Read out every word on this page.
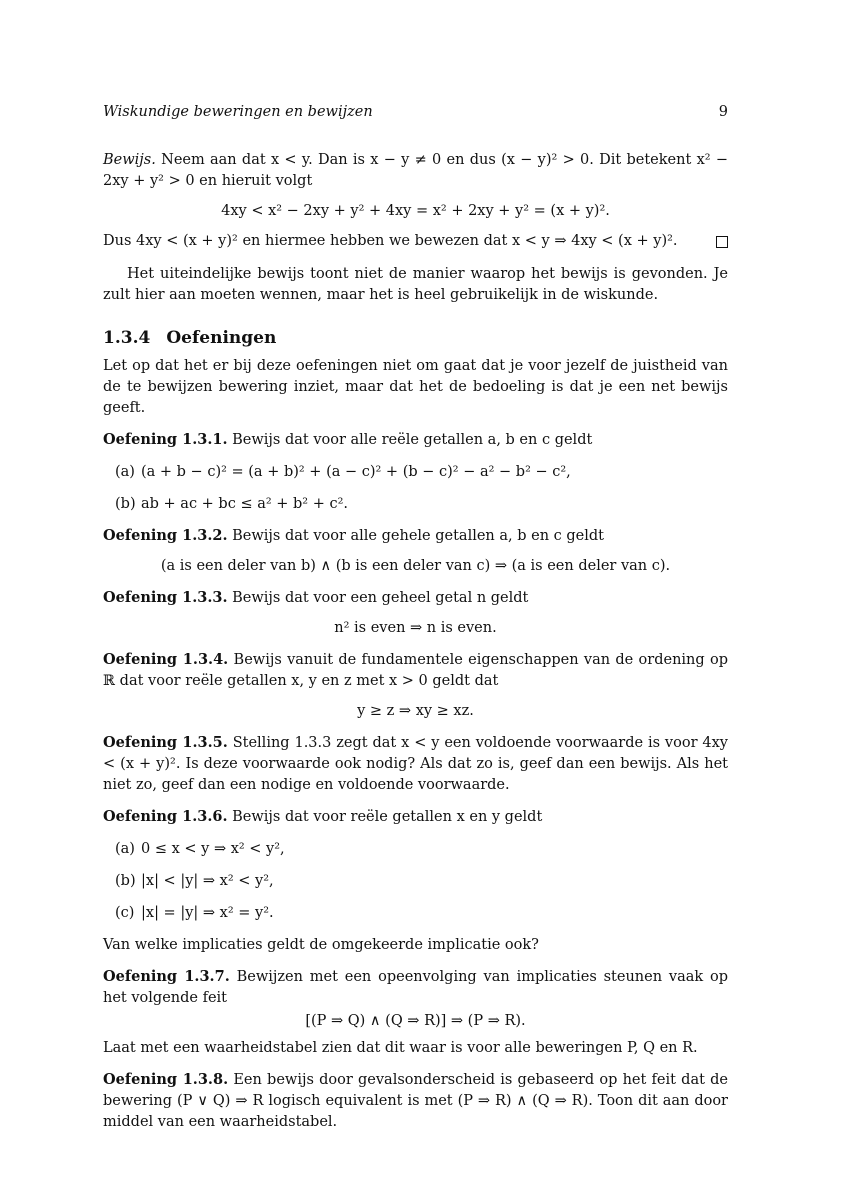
Wiskundige beweringen en bewijzen	9

Bewijs. Neem aan dat x < y. Dan is x − y ≠ 0 en dus (x − y)² > 0. Dit betekent x² − 2xy + y² > 0 en hieruit volgt

4xy < x² − 2xy + y² + 4xy = x² + 2xy + y² = (x + y)².

Dus 4xy < (x + y)² en hiermee hebben we bewezen dat x < y ⇒ 4xy < (x + y)².

Het uiteindelijke bewijs toont niet de manier waarop het bewijs is gevonden. Je zult hier aan moeten wennen, maar het is heel gebruikelijk in de wiskunde.

1.3.4 Oefeningen

Let op dat het er bij deze oefeningen niet om gaat dat je voor jezelf de juistheid van de te bewijzen bewering inziet, maar dat het de bedoeling is dat je een net bewijs geeft.

Oefening 1.3.1. Bewijs dat voor alle reële getallen a, b en c geldt

(a) (a + b − c)² = (a + b)² + (a − c)² + (b − c)² − a² − b² − c²,
(b) ab + ac + bc ≤ a² + b² + c².

Oefening 1.3.2. Bewijs dat voor alle gehele getallen a, b en c geldt

(a is een deler van b) ∧ (b is een deler van c) ⇒ (a is een deler van c).

Oefening 1.3.3. Bewijs dat voor een geheel getal n geldt

n² is even ⇒ n is even.

Oefening 1.3.4. Bewijs vanuit de fundamentele eigenschappen van de ordening op ℝ dat voor reële getallen x, y en z met x > 0 geldt dat

y ≥ z ⇒ xy ≥ xz.

Oefening 1.3.5. Stelling 1.3.3 zegt dat x < y een voldoende voorwaarde is voor 4xy < (x + y)². Is deze voorwaarde ook nodig? Als dat zo is, geef dan een bewijs. Als het niet zo, geef dan een nodige en voldoende voorwaarde.

Oefening 1.3.6. Bewijs dat voor reële getallen x en y geldt

(a) 0 ≤ x < y ⇒ x² < y²,
(b) |x| < |y| ⇒ x² < y²,
(c) |x| = |y| ⇒ x² = y².

Van welke implicaties geldt de omgekeerde implicatie ook?

Oefening 1.3.7. Bewijzen met een opeenvolging van implicaties steunen vaak op het volgende feit

[(P ⇒ Q) ∧ (Q ⇒ R)] ⇒ (P ⇒ R).

Laat met een waarheidstabel zien dat dit waar is voor alle beweringen P, Q en R.

Oefening 1.3.8. Een bewijs door gevalsonderscheid is gebaseerd op het feit dat de bewering (P ∨ Q) ⇒ R logisch equivalent is met (P ⇒ R) ∧ (Q ⇒ R). Toon dit aan door middel van een waarheidstabel.
